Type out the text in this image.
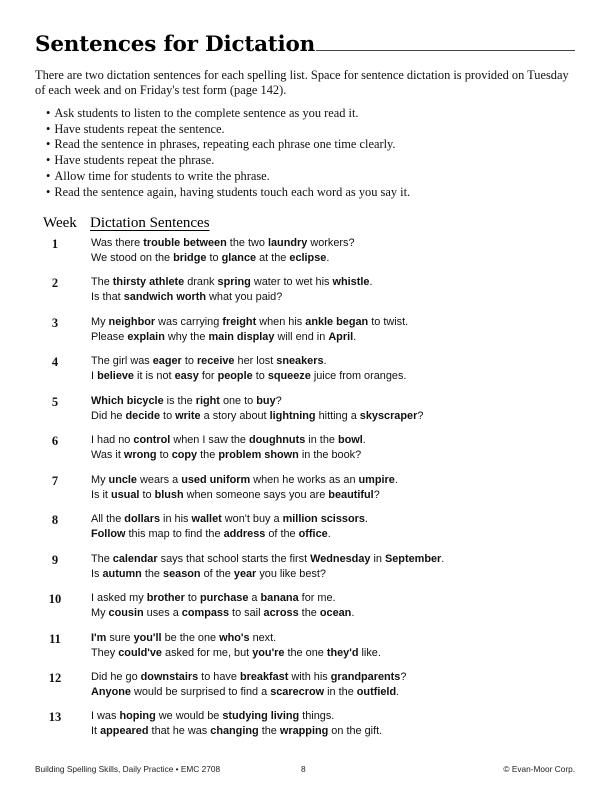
Sentences for Dictation

There are two dictation sentences for each spelling list. Space for sentence dictation is provided on Tuesday of each week and on Friday's test form (page 142).

• Ask students to listen to the complete sentence as you read it.
• Have students repeat the sentence.
• Read the sentence in phrases, repeating each phrase one time clearly.
• Have students repeat the phrase.
• Allow time for students to write the phrase.
• Read the sentence again, having students touch each word as you say it.
Week Dictation Sentences
1	Was there trouble between the two laundry workers?
We stood on the bridge to glance at the eclipse.
2	The thirsty athlete drank spring water to wet his whistle.
Is that sandwich worth what you paid?
3	My neighbor was carrying freight when his ankle began to twist.
Please explain why the main display will end in April.
4	The girl was eager to receive her lost sneakers.
I believe it is not easy for people to squeeze juice from oranges.
5	Which bicycle is the right one to buy?
Did he decide to write a story about lightning hitting a skyscraper?
6	I had no control when I saw the doughnuts in the bowl.
Was it wrong to copy the problem shown in the book?
7	My uncle wears a used uniform when he works as an umpire.
Is it usual to blush when someone says you are beautiful?
8	All the dollars in his wallet won't buy a million scissors.
Follow this map to find the address of the office.
9	The calendar says that school starts the first Wednesday in September.
Is autumn the season of the year you like best?
10	I asked my brother to purchase a banana for me.
My cousin uses a compass to sail across the ocean.
11	I'm sure you'll be the one who's next.
They could've asked for me, but you're the one they'd like.
12	Did he go downstairs to have breakfast with his grandparents?
Anyone would be surprised to find a scarecrow in the outfield.
13	I was hoping we would be studying living things.
It appeared that he was changing the wrapping on the gift.
Building Spelling Skills, Daily Practice • EMC 2708	8	© Evan-Moor Corp.
